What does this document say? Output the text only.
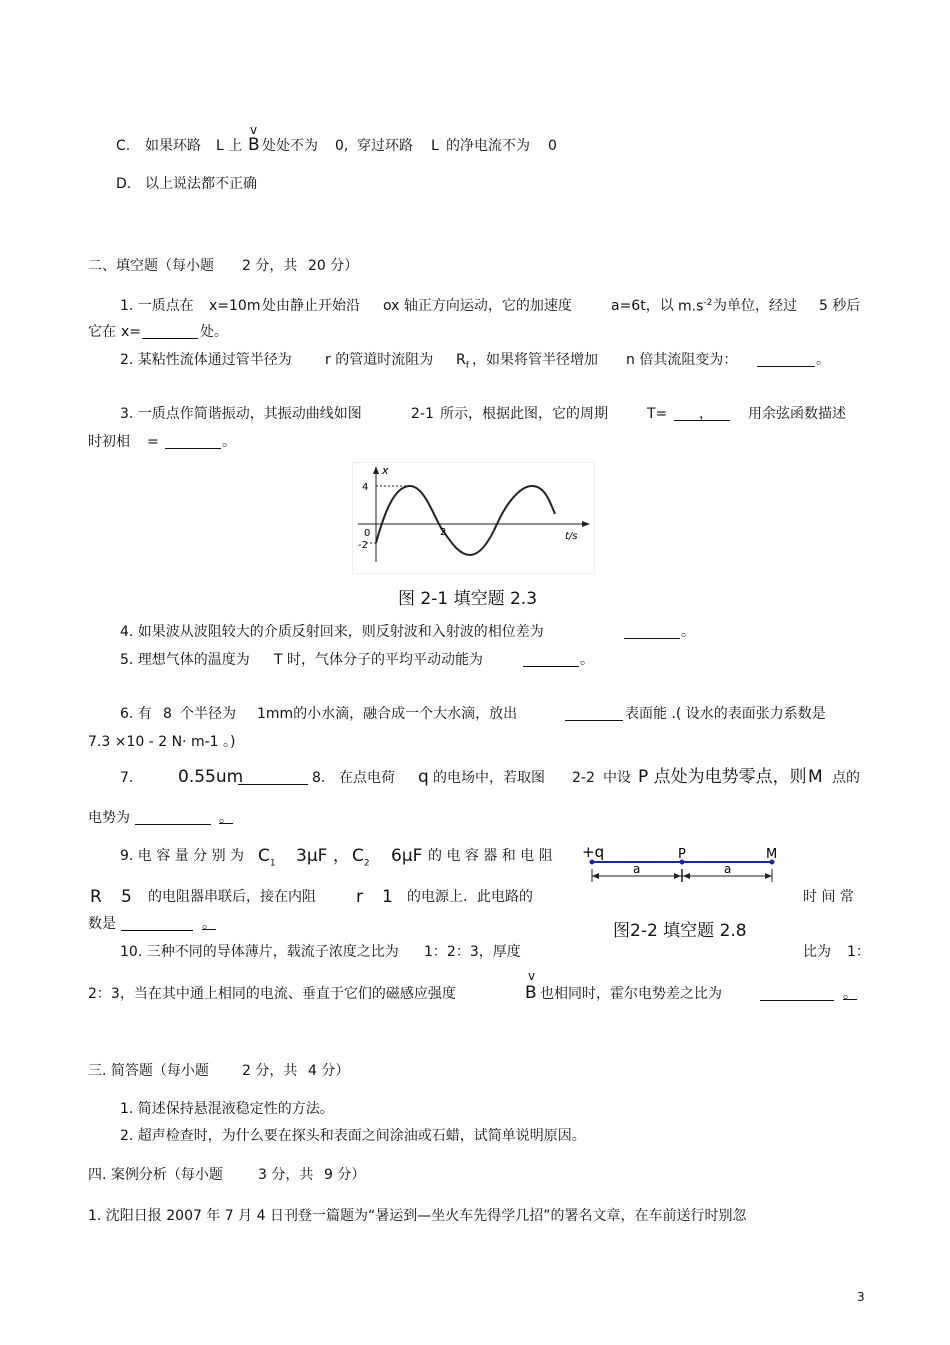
C. 如果环路 L 上
v
B 处处不为 0, 穿过环路 L 的净电流不为 0
D. 以上说法都不正确
二、填空题（每小题 2 分，共 20 分）
1. 一质点在 x=10m 处由静止开始沿 ox 轴正方向运动，它的加速度	a=6t，以 $m.s^{-2}$ 为单位，经过 5 秒后
它在 x=	处。
2. 某粘性流体通过管半径为 r 的管道时流阻为 $R_f$ ，如果将管半径增加 n 倍其流阻变为：	。
3. 一质点作简谐振动，其振动曲线如图	2-1 所示，根据此图，它的周期	T= ，	用余弦函数描述
时初相 =	。
x
4
0
-2
2	t/s
图 2-1 填空题 2.3
4. 如果波从波阻较大的介质反射回来，则反射波和入射波的相位差为	。
5. 理想气体的温度为 T 时，气体分子的平均平动动能为	。
6. 有 8 个半径为 1mm的小水滴，融合成一个大水滴，放出	表面能 .( 设水的表面张力系数是
7.3 ×10 - 2 N· m-1 。)
7.	0.55um	8. 在点电荷 q 的电场中，若取图 2-2 中设 P 点处为电势零点，则 M 点的
电势为	。
9. 电 容 量 分 别 为 $C_1$ 3μF ， $C_2$ 6μF 的 电 容 器 和 电 阻
R 5 的电阻器串联后，接在内阻 r 1 的电源上．此电路的	时 间 常
数是	。
+q	P	M
a	a
图2-2 填空题 2.8
10. 三种不同的导体薄片，载流子浓度之比为 1：2：3，厚度	比为 1：
2：3，当在其中通上相同的电流、垂直于它们的磁感应强度
v
B 也相同时，霍尔电势差之比为	。
三. 简答题（每小题 2 分，共 4 分）
1. 简述保持悬混液稳定性的方法。
2. 超声检查时，为什么要在探头和表面之间涂油或石蜡，试简单说明原因。
四. 案例分析（每小题	3 分，共 9 分）
1. 沈阳日报 2007 年 7 月 4 日刊登一篇题为“暑运到—坐火车先得学几招”的署名文章，在车前送行时别忽
3
